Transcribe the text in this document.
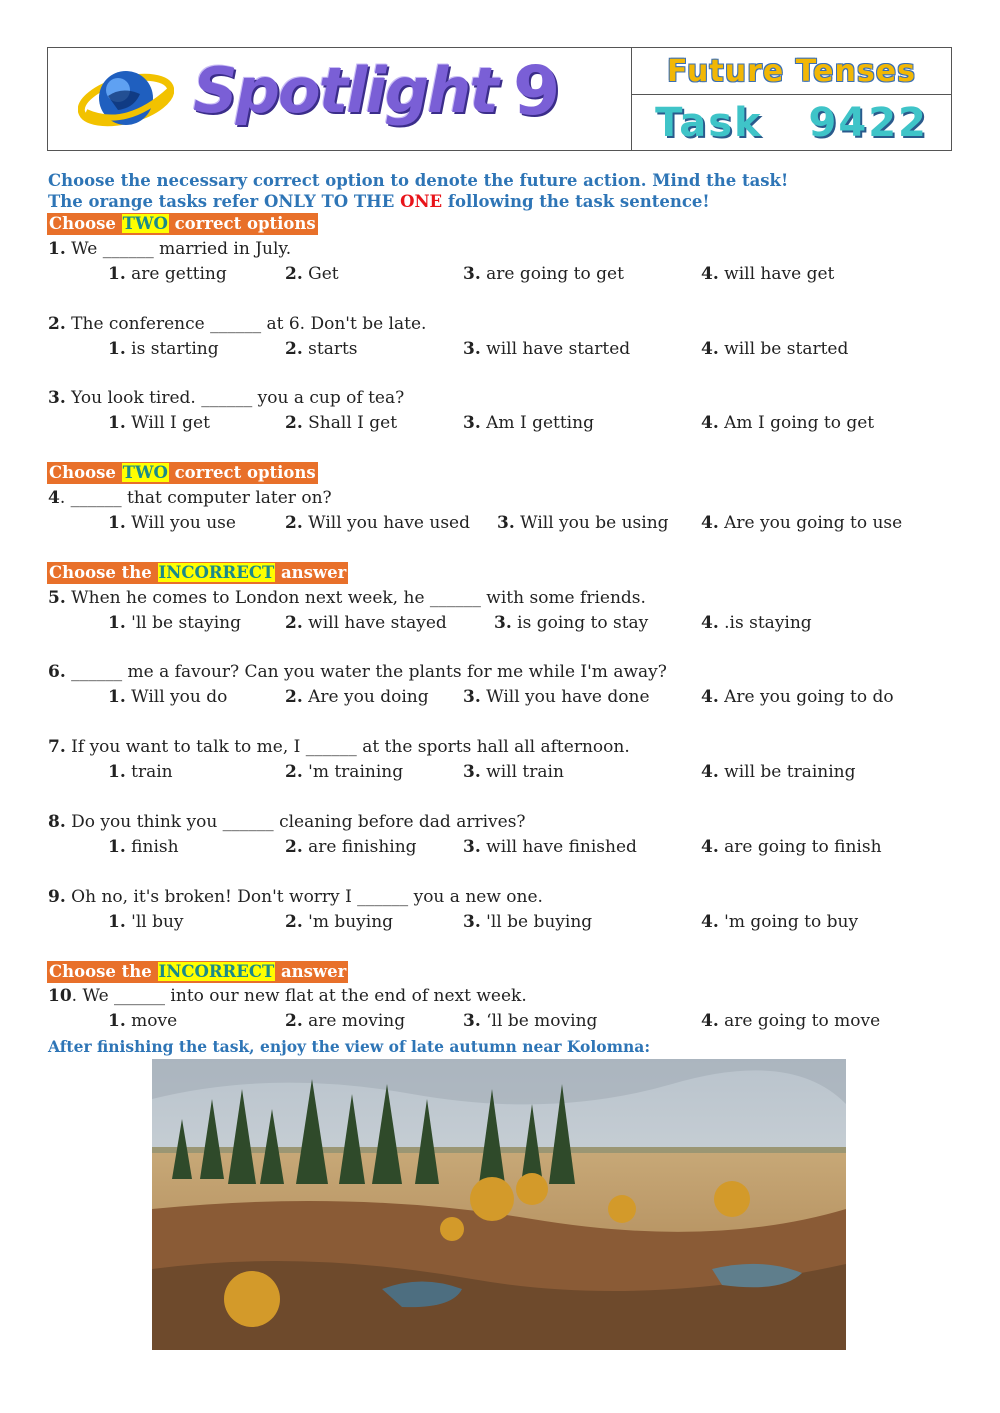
Spotlight 9	Future Tenses
Task 9422
Choose the necessary correct option to denote the future action. Mind the task!
The orange tasks refer ONLY TO THE ONE following the task sentence!
Choose TWO correct options
Choose TWO correct options
Choose the INCORRECT answer
Choose the INCORRECT answer
1. We ______ married in July.
1. are getting	2. Get	3. are going to get	4. will have get
2. The conference ______ at 6. Don't be late.
1. is starting	2. starts	3. will have started	4. will be started
3. You look tired. ______ you a cup of tea?
1. Will I get	2. Shall I get	3. Am I getting	4. Am I going to get
4. ______ that computer later on?
1. Will you use	2. Will you have used 3. Will you be using 4. Are you going to use
5. When he comes to London next week, he ______ with some friends.
1. 'll be staying	2. will have stayed	3. is going to stay	4. .is staying
6. ______ me a favour? Can you water the plants for me while I'm away?
1. Will you do	2. Are you doing 3. Will you have done	4. Are you going to do
7. If you want to talk to me, I ______ at the sports hall all afternoon.
1. train	2. 'm training	3. will train	4. will be training
8. Do you think you ______ cleaning before dad arrives?
1. finish	2. are finishing	3. will have finished	4. are going to finish
9. Oh no, it's broken! Don't worry I ______ you a new one.
1. 'll buy	2. 'm buying	3. 'll be buying	4. 'm going to buy
10. We ______ into our new flat at the end of next week.
1. move	2. are moving	3. ‘ll be moving	4. are going to move
After finishing the task, enjoy the view of late autumn near Kolomna:
